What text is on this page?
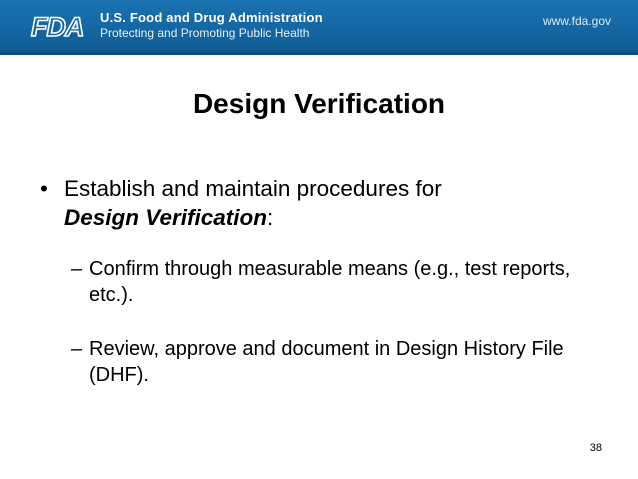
FDA U.S. Food and Drug Administration
Protecting and Promoting Public Health
www.fda.gov
Design Verification
• Establish and maintain procedures for
Design Verification:
– Confirm through measurable means (e.g., test reports, etc.).
– Review, approve and document in Design History File (DHF).
38
